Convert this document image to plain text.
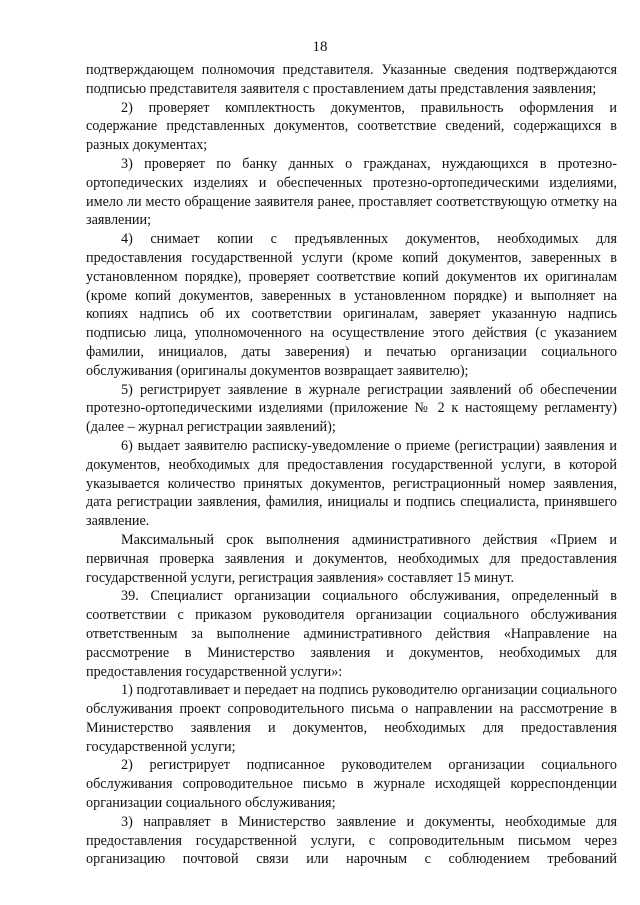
18

подтверждающем полномочия представителя. Указанные сведения подтверждаются подписью представителя заявителя с проставлением даты представления заявления;

2) проверяет комплектность документов, правильность оформления и содержание представленных документов, соответствие сведений, содержащихся в разных документах;

3) проверяет по банку данных о гражданах, нуждающихся в протезно-ортопедических изделиях и обеспеченных протезно-ортопедическими изделиями, имело ли место обращение заявителя ранее, проставляет соответствующую отметку на заявлении;

4) снимает копии с предъявленных документов, необходимых для предоставления государственной услуги (кроме копий документов, заверенных в установленном порядке), проверяет соответствие копий документов их оригиналам (кроме копий документов, заверенных в установленном порядке) и выполняет на копиях надпись об их соответствии оригиналам, заверяет указанную надпись подписью лица, уполномоченного на осуществление этого действия (с указанием фамилии, инициалов, даты заверения) и печатью организации социального обслуживания (оригиналы документов возвращает заявителю);

5) регистрирует заявление в журнале регистрации заявлений об обеспечении протезно-ортопедическими изделиями (приложение № 2 к настоящему регламенту) (далее – журнал регистрации заявлений);

6) выдает заявителю расписку-уведомление о приеме (регистрации) заявления и документов, необходимых для предоставления государственной услуги, в которой указывается количество принятых документов, регистрационный номер заявления, дата регистрации заявления, фамилия, инициалы и подпись специалиста, принявшего заявление.

Максимальный срок выполнения административного действия «Прием и первичная проверка заявления и документов, необходимых для предоставления государственной услуги, регистрация заявления» составляет 15 минут.

39. Специалист организации социального обслуживания, определенный в соответствии с приказом руководителя организации социального обслуживания ответственным за выполнение административного действия «Направление на рассмотрение в Министерство заявления и документов, необходимых для предоставления государственной услуги»:

1) подготавливает и передает на подпись руководителю организации социального обслуживания проект сопроводительного письма о направлении на рассмотрение в Министерство заявления и документов, необходимых для предоставления государственной услуги;

2) регистрирует подписанное руководителем организации социального обслуживания сопроводительное письмо в журнале исходящей корреспонденции организации социального обслуживания;

3) направляет в Министерство заявление и документы, необходимые для предоставления государственной услуги, с сопроводительным письмом через организацию почтовой связи или нарочным с соблюдением требований
